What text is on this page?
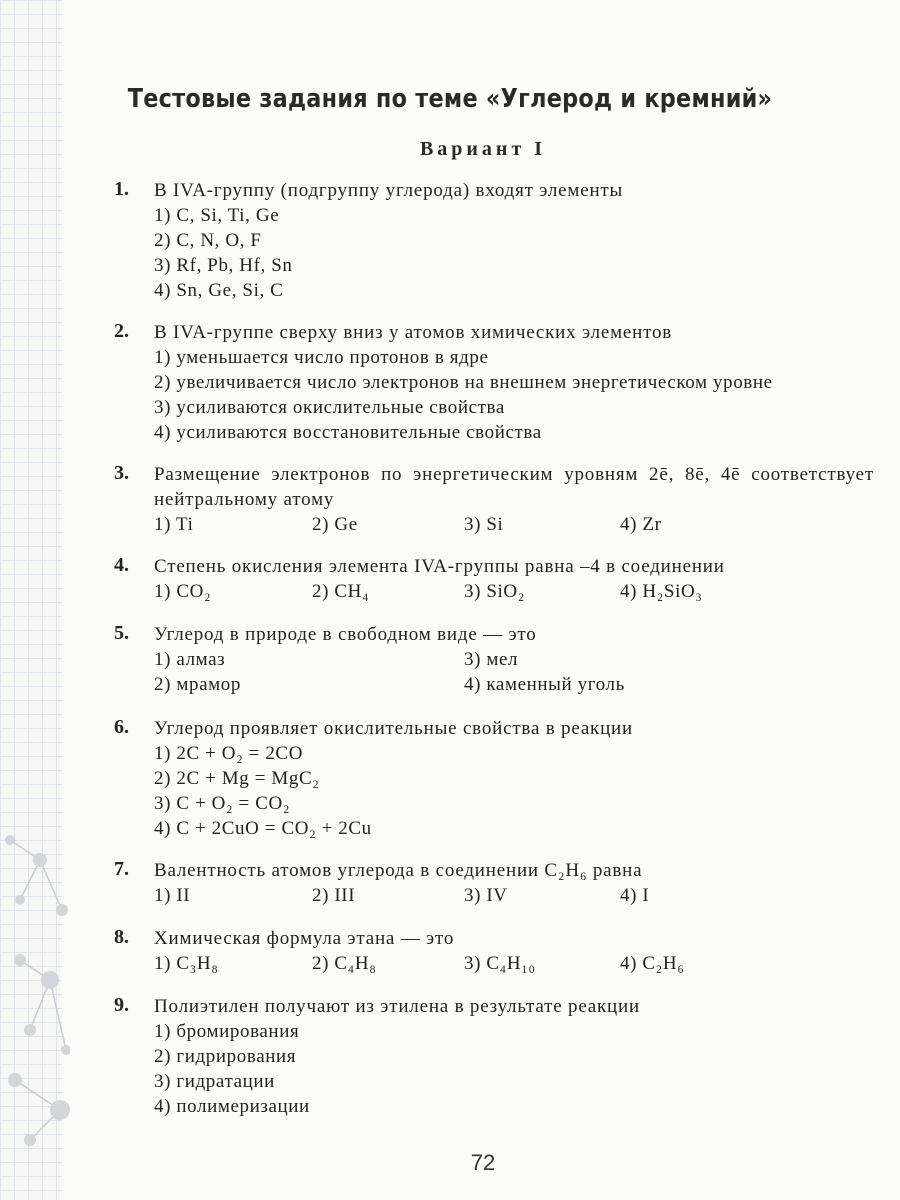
Тестовые задания по теме «Углерод и кремний»
Вариант I
1.	В IVA-группу (подгруппу углерода) входят элементы
1) C, Si, Ti, Ge
2) C, N, O, F
3) Rf, Pb, Hf, Sn
4) Sn, Ge, Si, C
2.	В IVA-группе сверху вниз у атомов химических элементов
1) уменьшается число протонов в ядре
2) увеличивается число электронов на внешнем энергетическом уровне
3) усиливаются окислительные свойства
4) усиливаются восстановительные свойства
3.	Размещение электронов по энергетическим уровням 2ē, 8ē, 4ē соответствует нейтральному атому
1) Ti	2) Ge	3) Si	4) Zr
4.	Степень окисления элемента IVA-группы равна –4 в соединении
1) CO₂	2) CH₄	3) SiO₂	4) H₂SiO₃
5.	Углерод в природе в свободном виде — это
1) алмаз
2) мрамор
3) мел
4) каменный уголь
6.	Углерод проявляет окислительные свойства в реакции
1) 2C + O₂ = 2CO
2) 2C + Mg = MgC₂
3) C + O₂ = CO₂
4) C + 2CuO = CO₂ + 2Cu
7.	Валентность атомов углерода в соединении C₂H₆ равна
1) II	2) III	3) IV	4) I
8.	Химическая формула этана — это
1) C₃H₈	2) C₄H₈	3) C₄H₁₀	4) C₂H₆
9.	Полиэтилен получают из этилена в результате реакции
1) бромирования
2) гидрирования
3) гидратации
4) полимеризации
72
